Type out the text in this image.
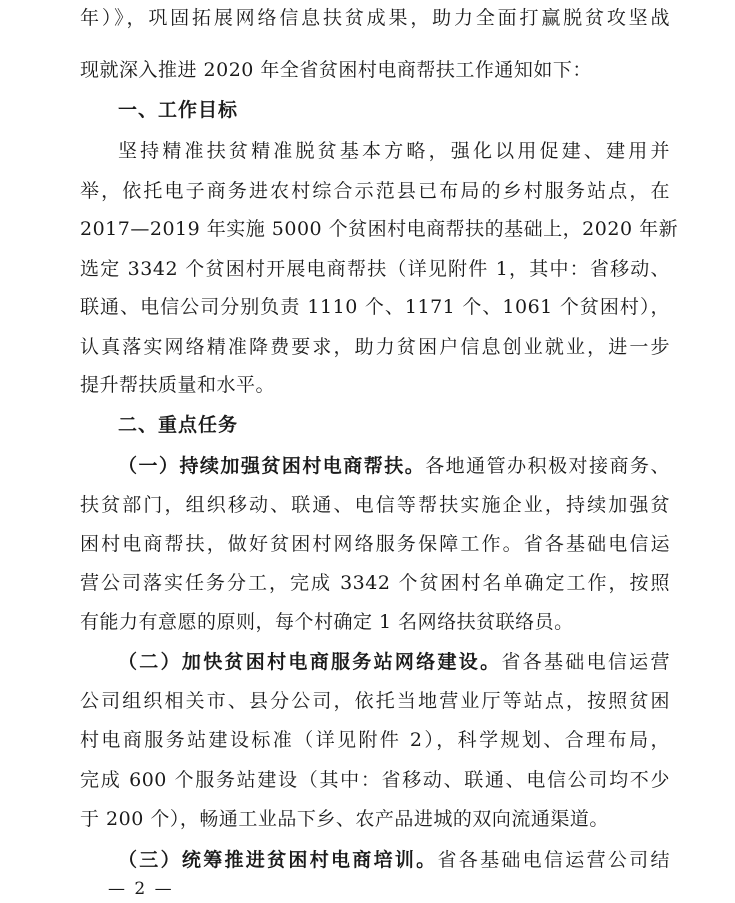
年）》，巩固拓展网络信息扶贫成果，助力全面打赢脱贫攻坚战
现就深入推进 2020 年全省贫困村电商帮扶工作通知如下：
一、工作目标
坚持精准扶贫精准脱贫基本方略，强化以用促建、建用并
举，依托电子商务进农村综合示范县已布局的乡村服务站点，在
2017—2019 年实施 5000 个贫困村电商帮扶的基础上，2020 年新
选定 3342 个贫困村开展电商帮扶（详见附件 1，其中：省移动、
联通、电信公司分别负责 1110 个、1171 个、1061 个贫困村），
认真落实网络精准降费要求，助力贫困户信息创业就业，进一步
提升帮扶质量和水平。
二、重点任务
（一）持续加强贫困村电商帮扶。各地通管办积极对接商务、
扶贫部门，组织移动、联通、电信等帮扶实施企业，持续加强贫
困村电商帮扶，做好贫困村网络服务保障工作。省各基础电信运
营公司落实任务分工，完成 3342 个贫困村名单确定工作，按照
有能力有意愿的原则，每个村确定 1 名网络扶贫联络员。
（二）加快贫困村电商服务站网络建设。省各基础电信运营
公司组织相关市、县分公司，依托当地营业厅等站点，按照贫困
村电商服务站建设标准（详见附件 2），科学规划、合理布局，
完成 600 个服务站建设（其中：省移动、联通、电信公司均不少
于 200 个），畅通工业品下乡、农产品进城的双向流通渠道。
（三）统筹推进贫困村电商培训。省各基础电信运营公司结
— 2 —
